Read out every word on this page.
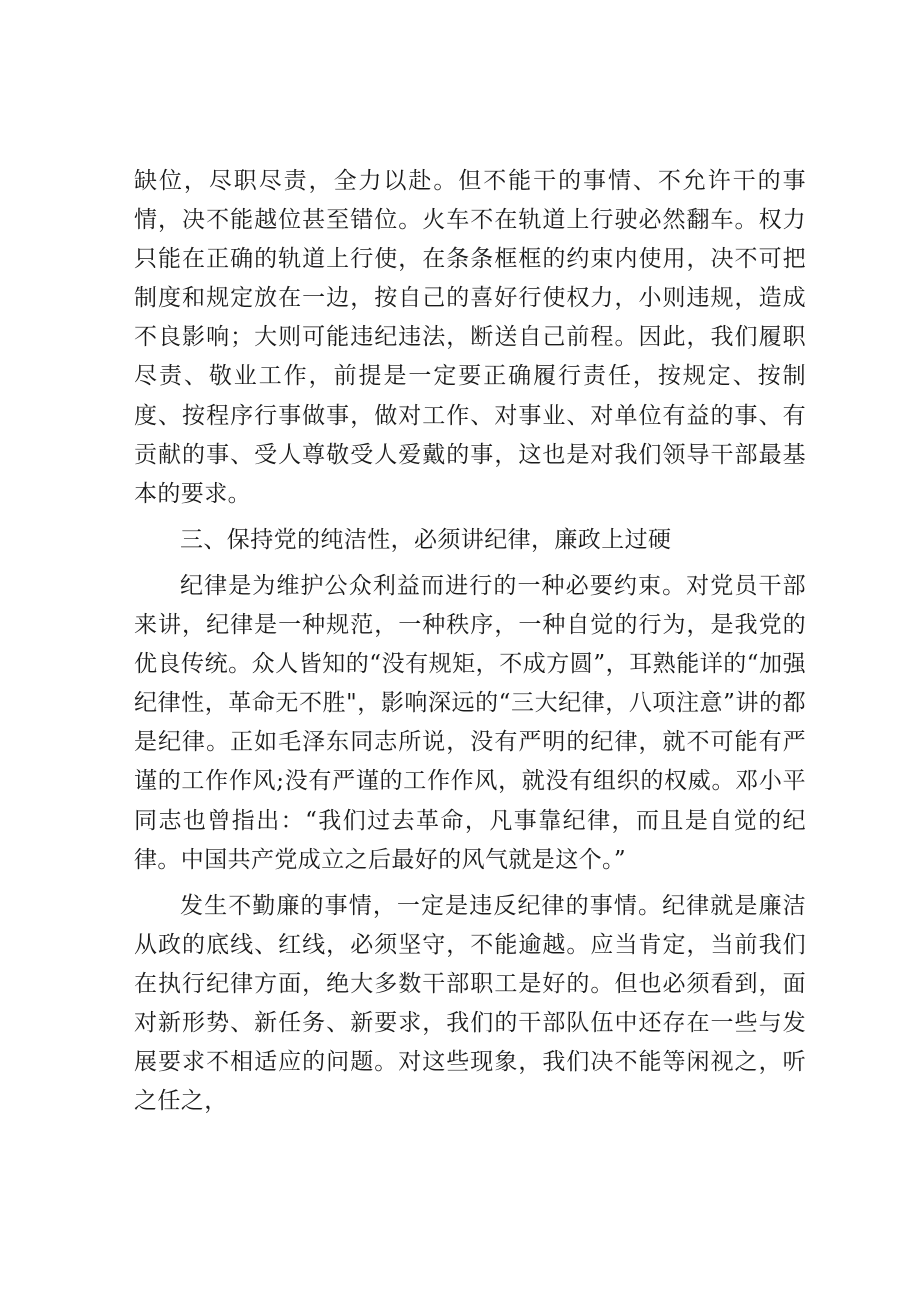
缺位，尽职尽责，全力以赴。但不能干的事情、不允许干的事情，决不能越位甚至错位。火车不在轨道上行驶必然翻车。权力只能在正确的轨道上行使，在条条框框的约束内使用，决不可把制度和规定放在一边，按自己的喜好行使权力，小则违规，造成不良影响；大则可能违纪违法，断送自己前程。因此，我们履职尽责、敬业工作，前提是一定要正确履行责任，按规定、按制度、按程序行事做事，做对工作、对事业、对单位有益的事、有贡献的事、受人尊敬受人爱戴的事，这也是对我们领导干部最基本的要求。

三、保持党的纯洁性，必须讲纪律，廉政上过硬

纪律是为维护公众利益而进行的一种必要约束。对党员干部来讲，纪律是一种规范，一种秩序，一种自觉的行为，是我党的优良传统。众人皆知的“没有规矩，不成方圆”，耳熟能详的“加强纪律性，革命无不胜"，影响深远的“三大纪律，八项注意”讲的都是纪律。正如毛泽东同志所说，没有严明的纪律，就不可能有严谨的工作作风;没有严谨的工作作风，就没有组织的权威。邓小平同志也曾指出：“我们过去革命，凡事靠纪律，而且是自觉的纪律。中国共产党成立之后最好的风气就是这个。”

发生不勤廉的事情，一定是违反纪律的事情。纪律就是廉洁从政的底线、红线，必须坚守，不能逾越。应当肯定，当前我们在执行纪律方面，绝大多数干部职工是好的。但也必须看到，面对新形势、新任务、新要求，我们的干部队伍中还存在一些与发展要求不相适应的问题。对这些现象，我们决不能等闲视之，听之任之，
